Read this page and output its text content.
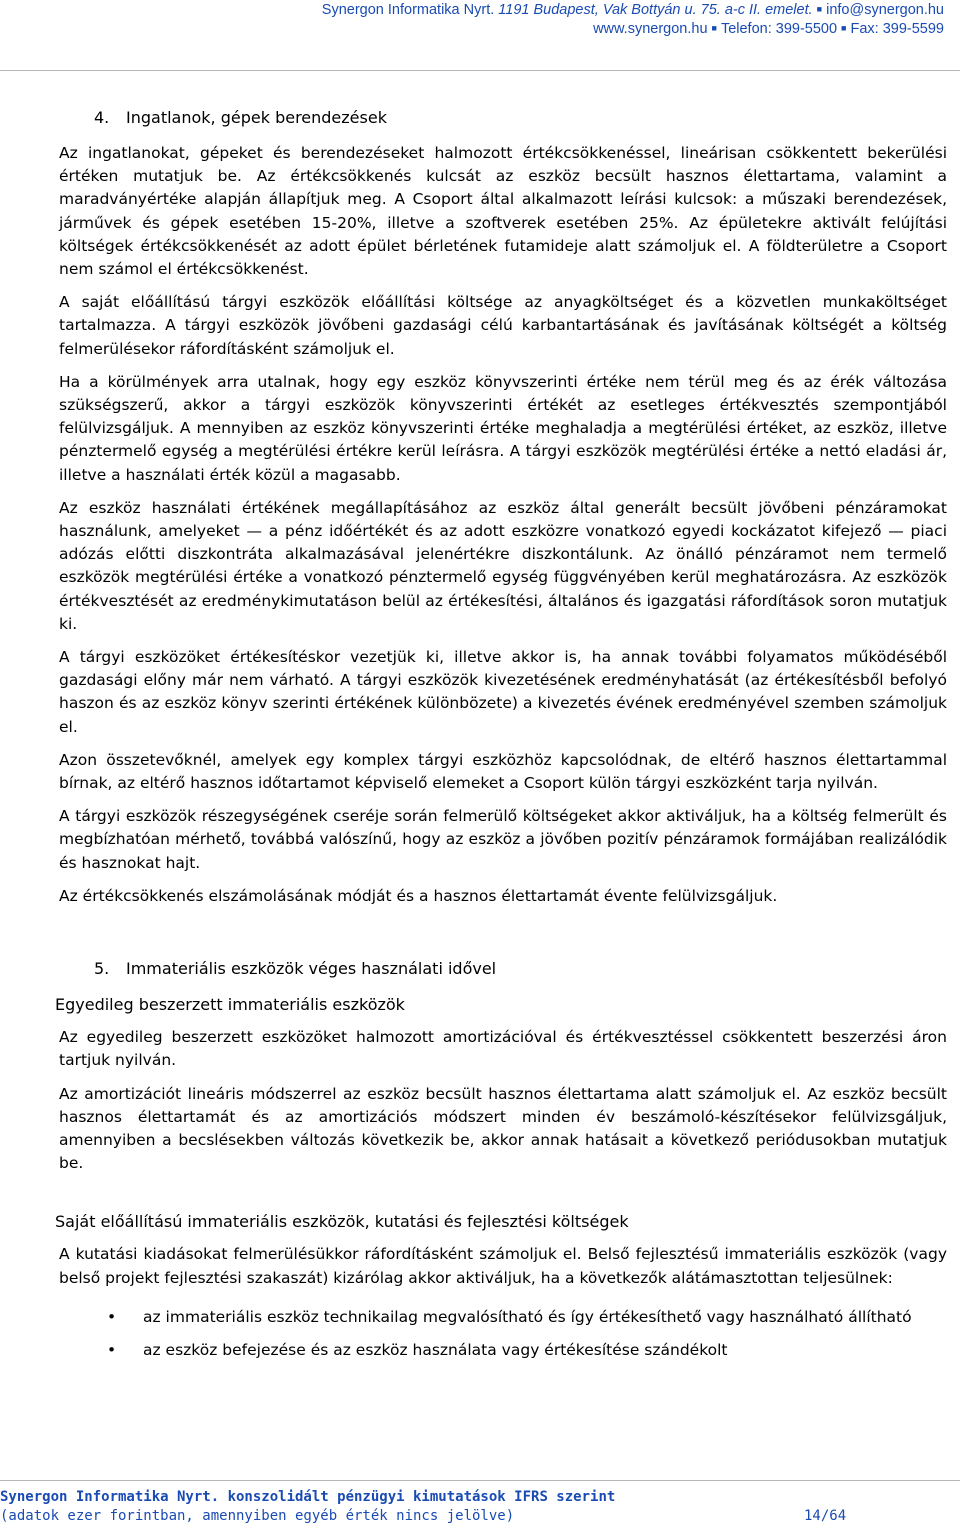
Synergon Informatika Nyrt. 1191 Budapest, Vak Bottyán u. 75. a-c II. emelet. ■ info@synergon.hu
www.synergon.hu ■ Telefon: 399-5500 ■ Fax: 399-5599
4. Ingatlanok, gépek berendezések

Az ingatlanokat, gépeket és berendezéseket halmozott értékcsökkenéssel, lineárisan csökkentett bekerülési értéken mutatjuk be. Az értékcsökkenés kulcsát az eszköz becsült hasznos élettartama, valamint a maradványértéke alapján állapítjuk meg. A Csoport által alkalmazott leírási kulcsok: a műszaki berendezések, járművek és gépek esetében 15-20%, illetve a szoftverek esetében 25%. Az épületekre aktivált felújítási költségek értékcsökkenését az adott épület bérletének futamideje alatt számoljuk el. A földterületre a Csoport nem számol el értékcsökkenést.

A saját előállítású tárgyi eszközök előállítási költsége az anyagköltséget és a közvetlen munkaköltséget tartalmazza. A tárgyi eszközök jövőbeni gazdasági célú karbantartásának és javításának költségét a költség felmerülésekor ráfordításként számoljuk el.

Ha a körülmények arra utalnak, hogy egy eszköz könyvszerinti értéke nem térül meg és az érék változása szükségszerű, akkor a tárgyi eszközök könyvszerinti értékét az esetleges értékvesztés szempontjából felülvizsgáljuk. A mennyiben az eszköz könyvszerinti értéke meghaladja a megtérülési értéket, az eszköz, illetve pénztermelő egység a megtérülési értékre kerül leírásra. A tárgyi eszközök megtérülési értéke a nettó eladási ár, illetve a használati érték közül a magasabb.

Az eszköz használati értékének megállapításához az eszköz által generált becsült jövőbeni pénzáramokat használunk, amelyeket — a pénz időértékét és az adott eszközre vonatkozó egyedi kockázatot kifejező — piaci adózás előtti diszkontráta alkalmazásával jelenértékre diszkontálunk. Az önálló pénzáramot nem termelő eszközök megtérülési értéke a vonatkozó pénztermelő egység függvényében kerül meghatározásra. Az eszközök értékvesztését az eredménykimutatáson belül az értékesítési, általános és igazgatási ráfordítások soron mutatjuk ki.

A tárgyi eszközöket értékesítéskor vezetjük ki, illetve akkor is, ha annak további folyamatos működéséből gazdasági előny már nem várható. A tárgyi eszközök kivezetésének eredményhatását (az értékesítésből befolyó haszon és az eszköz könyv szerinti értékének különbözete) a kivezetés évének eredményével szemben számoljuk el.

Azon összetevőknél, amelyek egy komplex tárgyi eszközhöz kapcsolódnak, de eltérő hasznos élettartammal bírnak, az eltérő hasznos időtartamot képviselő elemeket a Csoport külön tárgyi eszközként tarja nyilván.

A tárgyi eszközök részegységének cseréje során felmerülő költségeket akkor aktiváljuk, ha a költség felmerült és megbízhatóan mérhető, továbbá valószínű, hogy az eszköz a jövőben pozitív pénzáramok formájában realizálódik és hasznokat hajt.

Az értékcsökkenés elszámolásának módját és a hasznos élettartamát évente felülvizsgáljuk.

5. Immateriális eszközök véges használati idővel
Egyedileg beszerzett immateriális eszközök

Az egyedileg beszerzett eszközöket halmozott amortizációval és értékvesztéssel csökkentett beszerzési áron tartjuk nyilván.

Az amortizációt lineáris módszerrel az eszköz becsült hasznos élettartama alatt számoljuk el. Az eszköz becsült hasznos élettartamát és az amortizációs módszert minden év beszámoló-készítésekor felülvizsgáljuk, amennyiben a becslésekben változás következik be, akkor annak hatásait a következő periódusokban mutatjuk be.

Saját előállítású immateriális eszközök, kutatási és fejlesztési költségek

A kutatási kiadásokat felmerülésükkor ráfordításként számoljuk el. Belső fejlesztésű immateriális eszközök (vagy belső projekt fejlesztési szakaszát) kizárólag akkor aktiváljuk, ha a következők alátámasztottan teljesülnek:

• az immateriális eszköz technikailag megvalósítható és így értékesíthető vagy használható állítható
• az eszköz befejezése és az eszköz használata vagy értékesítése szándékolt
Synergon Informatika Nyrt. konszolidált pénzügyi kimutatások IFRS szerint
(adatok ezer forintban, amennyiben egyéb érték nincs jelölve)	14/64
